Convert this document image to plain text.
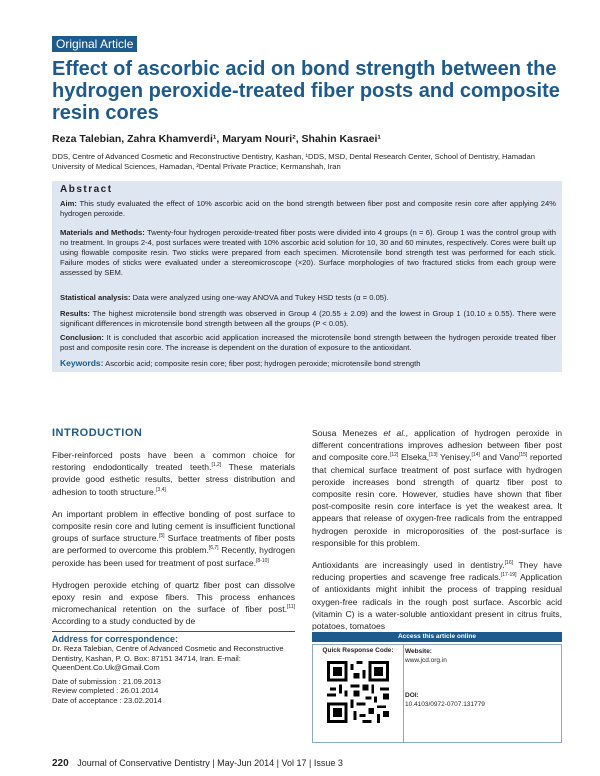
Original Article
Effect of ascorbic acid on bond strength between the hydrogen peroxide-treated fiber posts and composite resin cores
Reza Talebian, Zahra Khamverdi¹, Maryam Nouri², Shahin Kasraei¹
DDS, Centre of Advanced Cosmetic and Reconstructive Dentistry, Kashan, ¹DDS, MSD, Dental Research Center, School of Dentistry, Hamadan University of Medical Sciences, Hamadan, ²Dental Private Practice, Kermanshah, Iran
Abstract
Aim: This study evaluated the effect of 10% ascorbic acid on the bond strength between fiber post and composite resin core after applying 24% hydrogen peroxide.
Materials and Methods: Twenty-four hydrogen peroxide-treated fiber posts were divided into 4 groups (n = 6). Group 1 was the control group with no treatment. In groups 2-4, post surfaces were treated with 10% ascorbic acid solution for 10, 30 and 60 minutes, respectively. Cores were built up using flowable composite resin. Two sticks were prepared from each specimen. Microtensile bond strength test was performed for each stick. Failure modes of sticks were evaluated under a stereomicroscope (×20). Surface morphologies of two fractured sticks from each group were assessed by SEM.
Statistical analysis: Data were analyzed using one-way ANOVA and Tukey HSD tests (α = 0.05).
Results: The highest microtensile bond strength was observed in Group 4 (20.55 ± 2.09) and the lowest in Group 1 (10.10 ± 0.55). There were significant differences in microtensile bond strength between all the groups (P < 0.05).
Conclusion: It is concluded that ascorbic acid application increased the microtensile bond strength between the hydrogen peroxide treated fiber post and composite resin core. The increase is dependent on the duration of exposure to the antioxidant.
Keywords: Ascorbic acid; composite resin core; fiber post; hydrogen peroxide; microtensile bond strength
INTRODUCTION

Fiber-reinforced posts have been a common choice for restoring endodontically treated teeth.[1,2] These materials provide good esthetic results, better stress distribution and adhesion to tooth structure.[3,4]

An important problem in effective bonding of post surface to composite resin core and luting cement is insufficient functional groups of surface structure.[5] Surface treatments of fiber posts are performed to overcome this problem.[6,7] Recently, hydrogen peroxide has been used for treatment of post surface.[8-10]

Hydrogen peroxide etching of quartz fiber post can dissolve epoxy resin and expose fibers. This process enhances micromechanical retention on the surface of fiber post.[11] According to a study conducted by de

Sousa Menezes et al., application of hydrogen peroxide in different concentrations improves adhesion between fiber post and composite core.[12] Elseka,[13] Yenisey,[14] and Vano[15] reported that chemical surface treatment of post surface with hydrogen peroxide increases bond strength of quartz fiber post to composite resin core. However, studies have shown that fiber post-composite resin core interface is yet the weakest area. It appears that release of oxygen-free radicals from the entrapped hydrogen peroxide in microporosities of the post-surface is responsible for this problem.

Antioxidants are increasingly used in dentistry.[16] They have reducing properties and scavenge free radicals.[17-19] Application of antioxidants might inhibit the process of trapping residual oxygen-free radicals in the rough post surface. Ascorbic acid (vitamin C) is a water-soluble antioxidant present in citrus fruits, potatoes, tomatoes

Address for correspondence:
Dr. Reza Talebian, Centre of Advanced Cosmetic and Reconstructive Dentistry, Kashan, P. O. Box: 87151 34714, Iran. E-mail: QueenDent.Co.Uk@Gmail.Com
Date of submission : 21.09.2013
Review completed : 26.01.2014
Date of acceptance : 23.02.2014
Access this article online
Quick Response Code:	Website:
www.jcd.org.in
DOI:
10.4103/0972-0707.131779
220 Journal of Conservative Dentistry | May-Jun 2014 | Vol 17 | Issue 3
